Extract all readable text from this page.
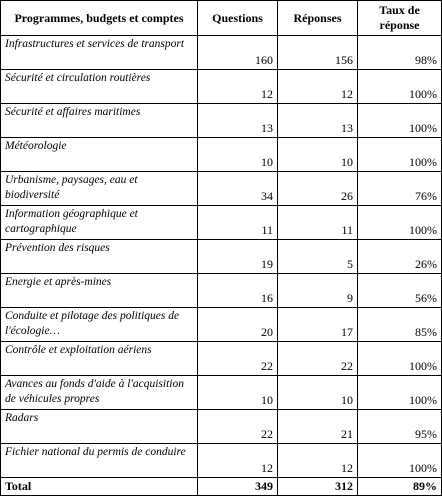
Programmes, budgets et comptes	Questions	Réponses	Taux de réponse
Infrastructures et services de transport	160	156	98%
Sécurité et circulation routières	12	12	100%
Sécurité et affaires maritimes	13	13	100%
Météorologie	10	10	100%
Urbanisme, paysages, eau et biodiversité	34	26	76%
Information géographique et cartographique	11	11	100%
Prévention des risques	19	5	26%
Energie et après-mines	16	9	56%
Conduite et pilotage des politiques de l'écologie…	20	17	85%
Contrôle et exploitation aériens	22	22	100%
Avances au fonds d'aide à l'acquisition de véhicules propres	10	10	100%
Radars	22	21	95%
Fichier national du permis de conduire	12	12	100%
Total	349	312	89%
